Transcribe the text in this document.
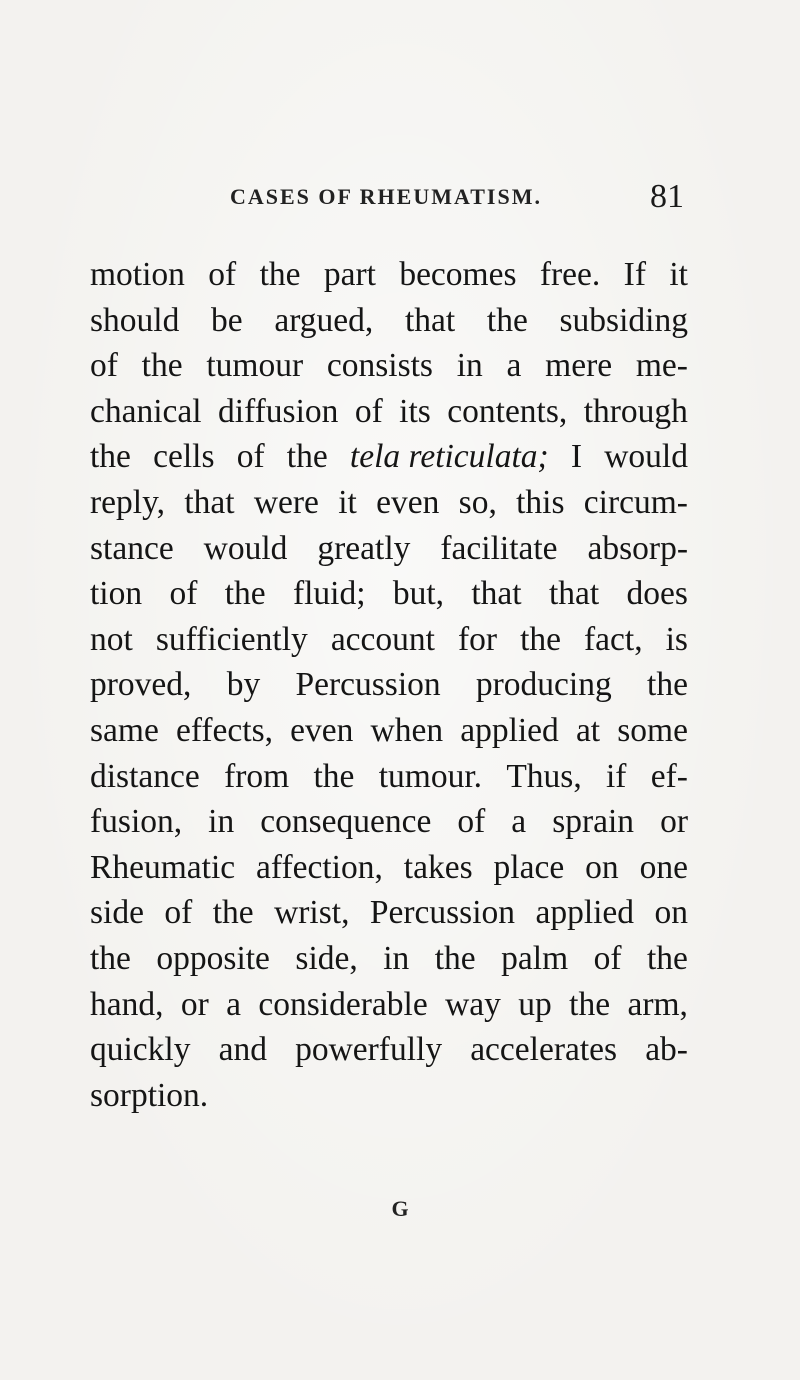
CASES OF RHEUMATISM.	81
motion of the part becomes free. If it
should be argued, that the subsiding
of the tumour consists in a mere me-
chanical diffusion of its contents, through
the cells of the tela reticulata; I would
reply, that were it even so, this circum-
stance would greatly facilitate absorp-
tion of the fluid; but, that that does
not sufficiently account for the fact, is
proved, by Percussion producing the
same effects, even when applied at some
distance from the tumour. Thus, if ef-
fusion, in consequence of a sprain or
Rheumatic affection, takes place on one
side of the wrist, Percussion applied on
the opposite side, in the palm of the
hand, or a considerable way up the arm,
quickly and powerfully accelerates ab-
sorption.
G
